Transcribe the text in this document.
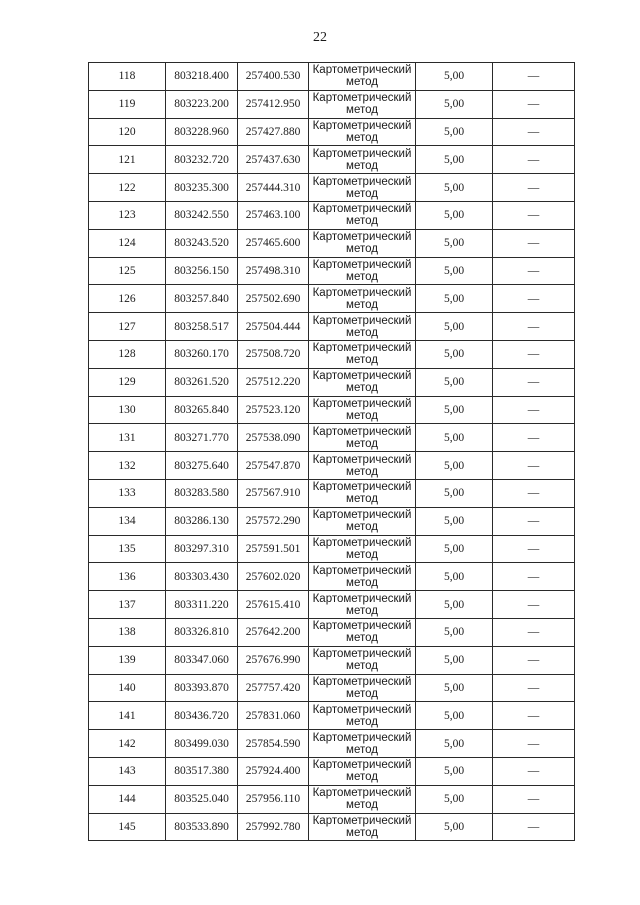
22
118	803218.400	257400.530	Картометрический метод	5,00	—
119	803223.200	257412.950	Картометрический метод	5,00	—
120	803228.960	257427.880	Картометрический метод	5,00	—
121	803232.720	257437.630	Картометрический метод	5,00	—
122	803235.300	257444.310	Картометрический метод	5,00	—
123	803242.550	257463.100	Картометрический метод	5,00	—
124	803243.520	257465.600	Картометрический метод	5,00	—
125	803256.150	257498.310	Картометрический метод	5,00	—
126	803257.840	257502.690	Картометрический метод	5,00	—
127	803258.517	257504.444	Картометрический метод	5,00	—
128	803260.170	257508.720	Картометрический метод	5,00	—
129	803261.520	257512.220	Картометрический метод	5,00	—
130	803265.840	257523.120	Картометрический метод	5,00	—
131	803271.770	257538.090	Картометрический метод	5,00	—
132	803275.640	257547.870	Картометрический метод	5,00	—
133	803283.580	257567.910	Картометрический метод	5,00	—
134	803286.130	257572.290	Картометрический метод	5,00	—
135	803297.310	257591.501	Картометрический метод	5,00	—
136	803303.430	257602.020	Картометрический метод	5,00	—
137	803311.220	257615.410	Картометрический метод	5,00	—
138	803326.810	257642.200	Картометрический метод	5,00	—
139	803347.060	257676.990	Картометрический метод	5,00	—
140	803393.870	257757.420	Картометрический метод	5,00	—
141	803436.720	257831.060	Картометрический метод	5,00	—
142	803499.030	257854.590	Картометрический метод	5,00	—
143	803517.380	257924.400	Картометрический метод	5,00	—
144	803525.040	257956.110	Картометрический метод	5,00	—
145	803533.890	257992.780	Картометрический метод	5,00	—
